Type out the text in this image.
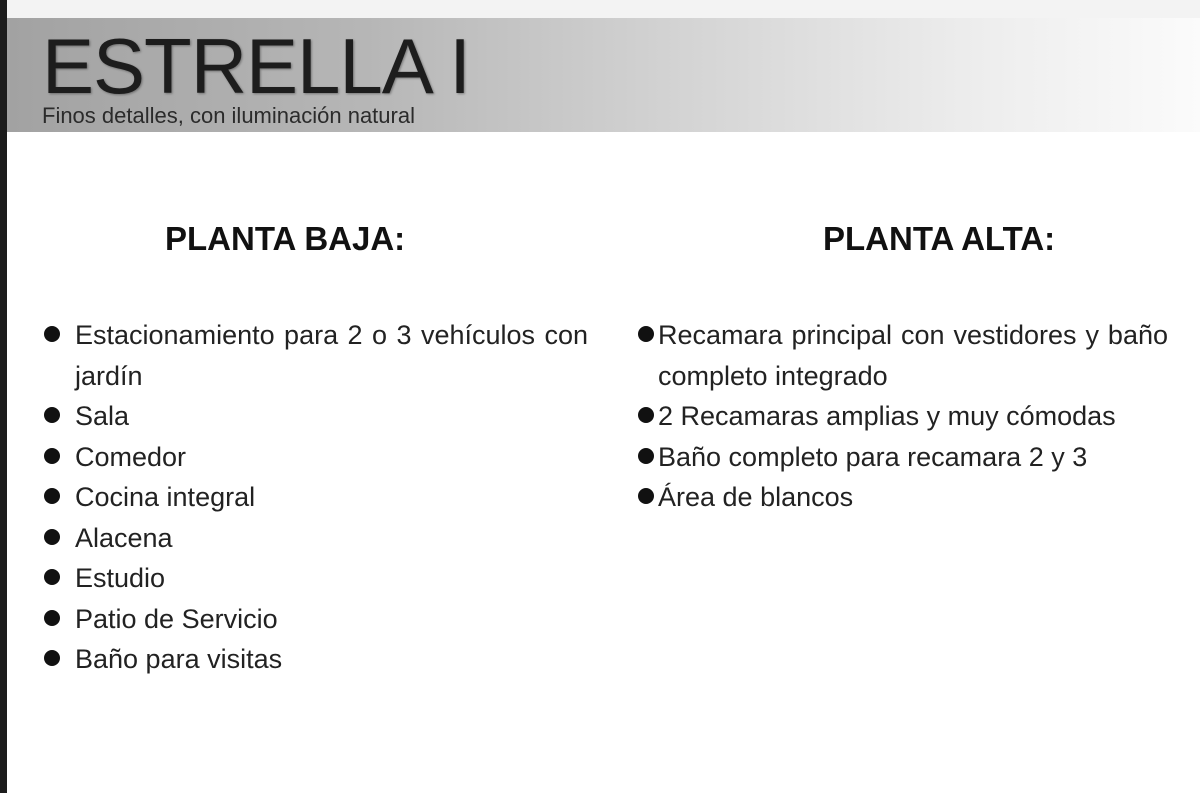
ESTRELLA I

Finos detalles, con iluminación natural

PLANTA BAJA:	PLANTA ALTA:
Estacionamiento para 2 o 3 vehículos con jardín
Sala
Comedor
Cocina integral
Alacena
Estudio
Patio de Servicio
Baño para visitas
Recamara principal con vestidores y baño completo integrado
2 Recamaras amplias y muy cómodas
Baño completo para recamara 2 y 3
Área de blancos
